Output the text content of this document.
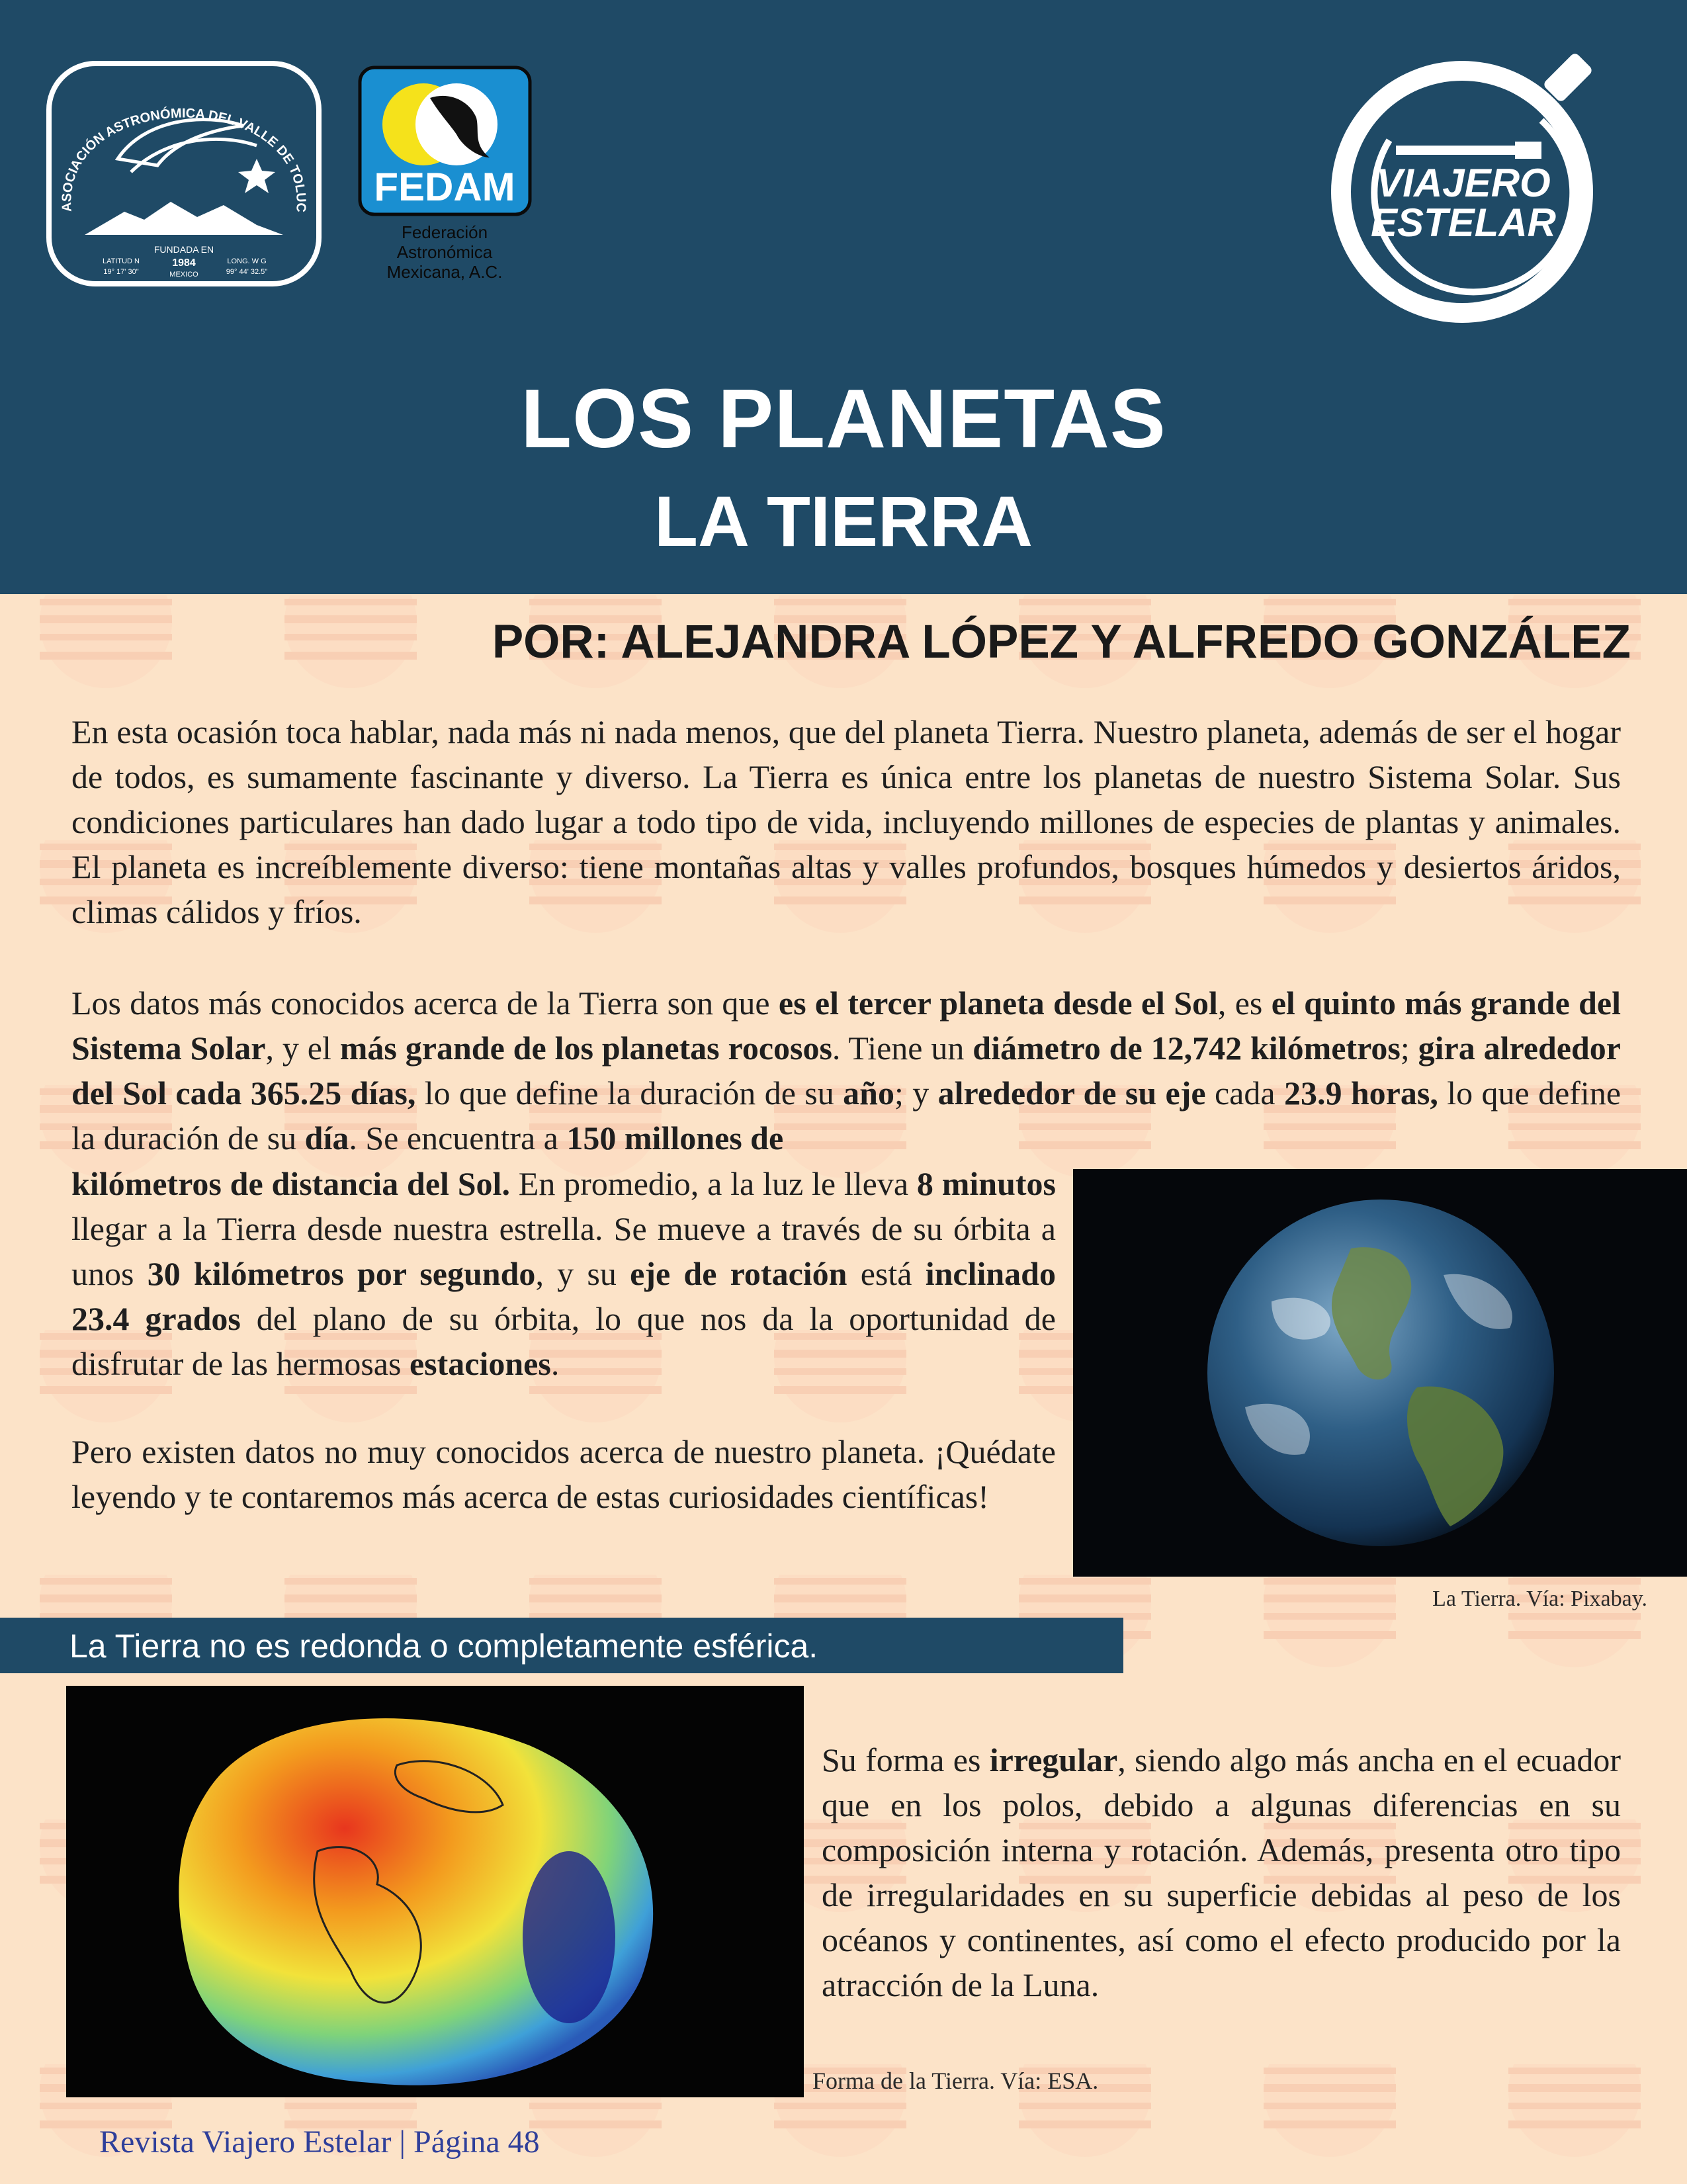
ASOCIACIÓN ASTRONÓMICA DEL VALLE DE TOLUC
FUNDADA EN
1984
MEXICO
LATITUD N
19° 17' 30"
LONG. W G
99° 44' 32.5"
FEDAM
Federación
Astronómica
Mexicana, A.C.
VIAJERO
ESTELAR
LOS PLANETAS
LA TIERRA
POR: ALEJANDRA LÓPEZ Y ALFREDO GONZÁLEZ

En esta ocasión toca hablar, nada más ni nada menos, que del planeta Tierra. Nuestro planeta, además de ser el hogar de todos, es sumamente fascinante y diverso. La Tierra es única entre los planetas de nuestro Sistema Solar. Sus condiciones particulares han dado lugar a todo tipo de vida, incluyendo millones de especies de plantas y animales. El planeta es increíblemente diverso: tiene montañas altas y valles profundos, bosques húmedos y desiertos áridos, climas cálidos y fríos.

Los datos más conocidos acerca de la Tierra son que es el tercer planeta desde el Sol, es el quinto más grande del Sistema Solar, y el más grande de los planetas rocosos. Tiene un diámetro de 12,742 kilómetros; gira alrededor del Sol cada 365.25 días, lo que define la duración de su año; y alrededor de su eje cada 23.9 horas, lo que define la duración de su día. Se encuentra a 150 millones de

kilómetros de distancia del Sol. En promedio, a la luz le lleva 8 minutos llegar a la Tierra desde nuestra estrella. Se mueve a través de su órbita a unos 30 kilómetros por segundo, y su eje de rotación está inclinado 23.4 grados del plano de su órbita, lo que nos da la oportunidad de disfrutar de las hermosas estaciones.

Pero existen datos no muy conocidos acerca de nuestro planeta. ¡Quédate leyendo y te contaremos más acerca de estas curiosidades científicas!

La Tierra. Vía: Pixabay.
La Tierra no es redonda o completamente esférica.
Forma de la Tierra. Vía: ESA.

Su forma es irregular, siendo algo más ancha en el ecuador que en los polos, debido a algunas diferencias en su composición interna y rotación. Además, presenta otro tipo de irregularidades en su superficie debidas al peso de los océanos y continentes, así como el efecto producido por la atracción de la Luna.

Revista Viajero Estelar | Página 48
